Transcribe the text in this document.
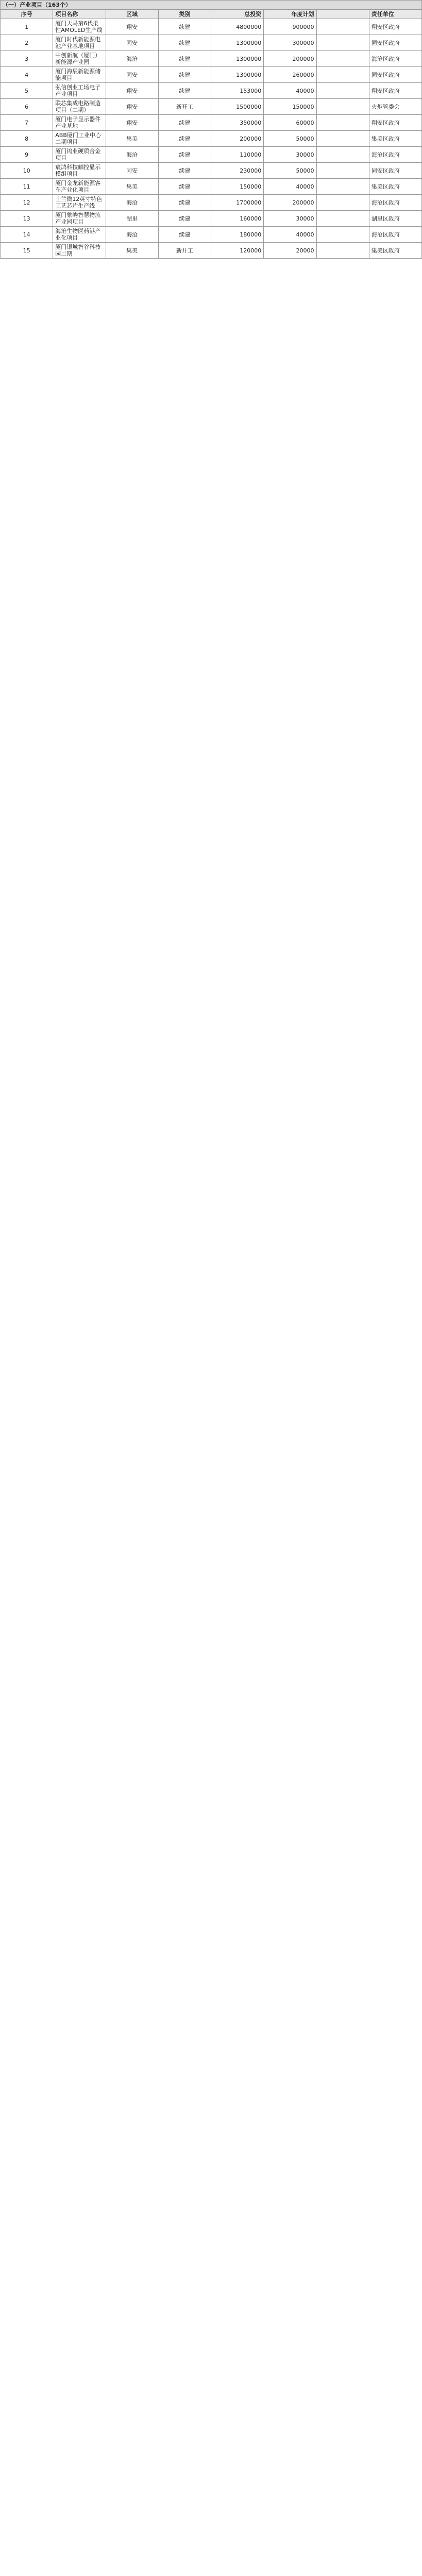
（一）产业项目（163个）							
序号	项目名称	区域	类别	总投资	年度计划		责任单位
1	厦门天马第6代柔性AMOLED生产线	翔安	续建	4800000	900000		翔安区政府
2	厦门时代新能源电池产业基地项目	同安	续建	1300000	300000		同安区政府
3	中创新航（厦门）新能源产业园	海沧	续建	1300000	200000		海沧区政府
4	厦门海辰新能源储能项目	同安	续建	1300000	260000		同安区政府
5	弘信创业工场电子产业项目	翔安	续建	153000	40000		翔安区政府
6	联芯集成电路制造项目（二期）	翔安	新开工	1500000	150000		火炬管委会
7	厦门电子显示器件产业基地	翔安	续建	350000	60000		翔安区政府
8	ABB厦门工业中心二期项目	集美	续建	200000	50000		集美区政府
9	厦门钨业硬质合金项目	海沧	续建	110000	30000		海沧区政府
10	宸鸿科技触控显示模组项目	同安	续建	230000	50000		同安区政府
11	厦门金龙新能源客车产业化项目	集美	续建	150000	40000		集美区政府
12	士兰微12英寸特色工艺芯片生产线	海沧	续建	1700000	200000		海沧区政府
13	厦门象屿智慧物流产业园项目	湖里	续建	160000	30000		湖里区政府
14	海沧生物医药港产业化项目	海沧	续建	180000	40000		海沧区政府
15	厦门银城智谷科技园二期	集美	新开工	120000	20000		集美区政府
